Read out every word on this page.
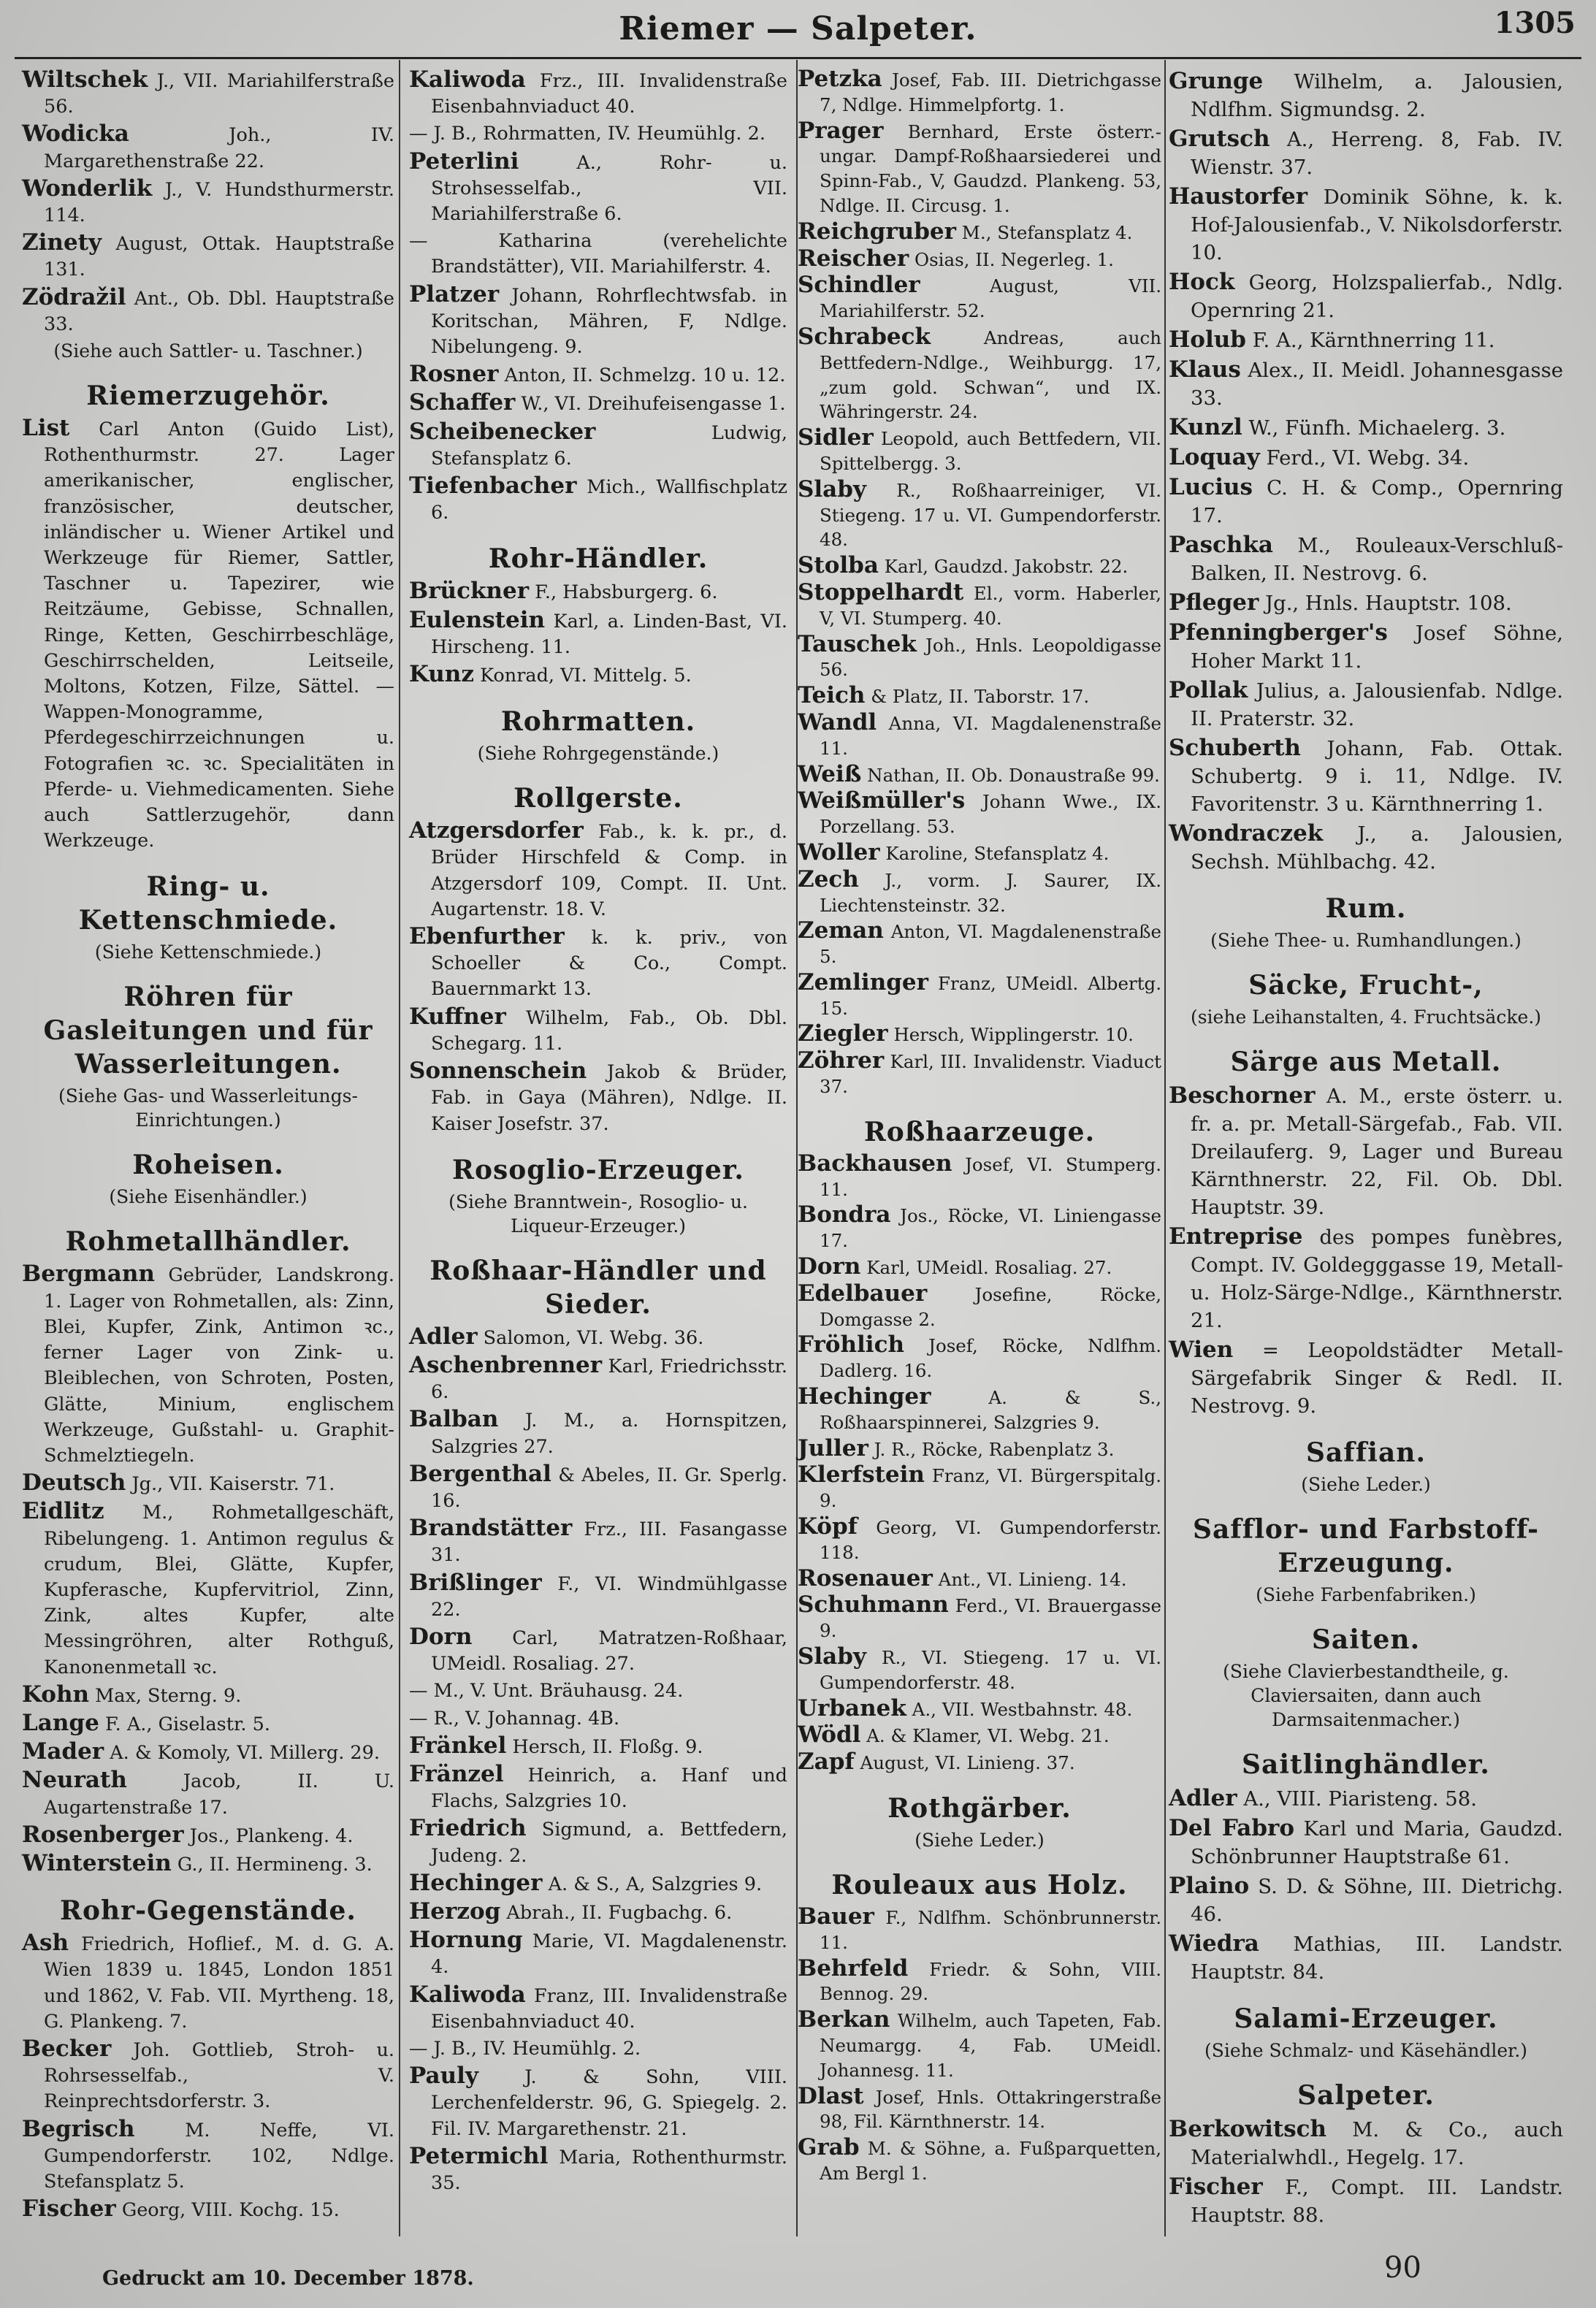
Riemer — Salpeter.	1305
Wiltschek J., VII. Mariahilferstraße 56.
Wodicka	Joh., IV. Margarethenstraße 22.
Wonderlik J., V. Hundsthurmerstr. 114.
Zinety August, Ottak. Hauptstraße 131.
Zödražil Ant., Ob. Dbl. Hauptstraße 33.
(Siehe auch Sattler- u. Taschner.)
Riemerzugehör.
List Carl Anton (Guido List), Rothenthurmstr. 27. Lager amerikanischer, englischer, französischer, deutscher, inländischer u. Wiener Artikel und Werkzeuge für Riemer, Sattler, Taschner u. Tapezirer, wie Reitzäume, Gebisse, Schnallen, Ringe, Ketten, Geschirrbeschläge, Geschirrschelden, Leitseile, Moltons, Kotzen, Filze, Sättel. — Wappen-Monogramme, Pferdegeschirrzeichnungen u. Fotografien ꝛc. ꝛc. Specialitäten in Pferde- u. Viehmedicamenten. Siehe auch Sattlerzugehör, dann Werkzeuge.
Ring- u. Kettenschmiede.
(Siehe Kettenschmiede.)
Röhren für Gasleitungen und für Wasserleitungen.
(Siehe Gas- und Wasserleitungs-Einrichtungen.)
Roheisen.
(Siehe Eisenhändler.)
Rohmetallhändler.
Bergmann Gebrüder, Landskrong. 1. Lager von Rohmetallen, als: Zinn, Blei, Kupfer, Zink, Antimon ꝛc., ferner Lager von Zink- u. Bleiblechen, von Schroten, Posten, Glätte, Minium, englischem Werkzeuge, Gußstahl- u. Graphit-Schmelztiegeln.
Deutsch Jg., VII. Kaiserstr. 71.
Eidlitz M., Rohmetallgeschäft, Ribelungeng. 1. Antimon regulus & crudum, Blei, Glätte, Kupfer, Kupferasche, Kupfervitriol, Zinn, Zink, altes Kupfer, alte Messingröhren, alter Rothguß, Kanonenmetall ꝛc.
Kohn Max, Sterng. 9.
Lange F. A., Giselastr. 5.
Mader A. & Komoly, VI. Millerg. 29.
Neurath	Jacob, II. U. Augartenstraße 17.
Rosenberger Jos., Plankeng. 4.
Winterstein G., II. Hermineng. 3.
Rohr-Gegenstände.
Ash Friedrich, Hoflief., M. d. G. A. Wien 1839 u. 1845, London 1851 und 1862, V. Fab. VII. Myrtheng. 18, G. Plankeng. 7.
Becker Joh. Gottlieb, Stroh- u. Rohrsesselfab., V. Reinprechtsdorferstr. 3.
Begrisch	M. Neffe, VI. Gumpendorferstr. 102, Ndlge. Stefansplatz 5.
Fischer Georg, VIII. Kochg. 15.
Kaliwoda Frz., III. Invalidenstraße Eisenbahnviaduct 40.
— J. B., Rohrmatten, IV. Heumühlg. 2.
Peterlini	A., Rohr- u. Strohsesselfab., VII. Mariahilferstraße 6.
— Katharina (verehelichte Brandstätter), VII. Mariahilferstr. 4.
Platzer Johann, Rohrflechtwsfab. in Koritschan, Mähren, F, Ndlge. Nibelungeng. 9.
Rosner Anton, II. Schmelzg. 10 u. 12.
Schaffer W., VI. Dreihufeisengasse 1.
Scheibenecker	Ludwig, Stefansplatz 6.
Tiefenbacher Mich., Wallfischplatz 6.
Rohr-Händler.
Brückner F., Habsburgerg. 6.
Eulenstein Karl, a. Linden-Bast, VI. Hirscheng. 11.
Kunz Konrad, VI. Mittelg. 5.
Rohrmatten.
(Siehe Rohrgegenstände.)
Rollgerste.
Atzgersdorfer Fab., k. k. pr., d. Brüder Hirschfeld & Comp. in Atzgersdorf 109, Compt. II. Unt. Augartenstr. 18. V.
Ebenfurther k. k. priv., von Schoeller & Co., Compt. Bauernmarkt 13.
Kuffner Wilhelm, Fab., Ob. Dbl. Schegarg. 11.
Sonnenschein Jakob & Brüder, Fab. in Gaya (Mähren), Ndlge. II. Kaiser Josefstr. 37.
Rosoglio-Erzeuger.
(Siehe Branntwein-, Rosoglio- u. Liqueur-Erzeuger.)
Roßhaar-Händler und Sieder.
Adler Salomon, VI. Webg. 36.
Aschenbrenner Karl, Friedrichsstr. 6.
Balban J. M., a. Hornspitzen, Salzgries 27.
Bergenthal & Abeles, II. Gr. Sperlg. 16.
Brandstätter Frz., III. Fasangasse 31.
Brißlinger F., VI. Windmühlgasse 22.
Dorn Carl, Matratzen-Roßhaar, UMeidl. Rosaliag. 27.
— M., V. Unt. Bräuhausg. 24.
— R., V. Johannag. 4B.
Fränkel Hersch, II. Floßg. 9.
Fränzel Heinrich, a. Hanf und Flachs, Salzgries 10.
Friedrich Sigmund, a. Bettfedern, Judeng. 2.
Hechinger A. & S., A, Salzgries 9.
Herzog Abrah., II. Fugbachg. 6.
Hornung Marie, VI. Magdalenenstr. 4.
Kaliwoda Franz, III. Invalidenstraße Eisenbahnviaduct 40.
— J. B., IV. Heumühlg. 2.
Pauly J. & Sohn, VIII. Lerchenfelderstr. 96, G. Spiegelg. 2. Fil. IV. Margarethenstr. 21.
Petermichl Maria, Rothenthurmstr. 35.
Petzka Josef, Fab. III. Dietrichgasse 7, Ndlge. Himmelpfortg. 1.
Prager Bernhard, Erste österr.-ungar. Dampf-Roßhaarsiederei und Spinn-Fab., V, Gaudzd. Plankeng. 53, Ndlge. II. Circusg. 1.
Reichgruber M., Stefansplatz 4.
Reischer Osias, II. Negerleg. 1.
Schindler	August, VII. Mariahilferstr. 52.
Schrabeck	Andreas, auch Bettfedern-Ndlge., Weihburgg. 17, „zum gold. Schwan“, und IX. Währingerstr. 24.
Sidler Leopold, auch Bettfedern, VII. Spittelbergg. 3.
Slaby R., Roßhaarreiniger, VI. Stiegeng. 17 u. VI. Gumpendorferstr. 48.
Stolba Karl, Gaudzd. Jakobstr. 22.
Stoppelhardt El., vorm. Haberler, V, VI. Stumperg. 40.
Tauschek Joh., Hnls. Leopoldigasse 56.
Teich & Platz, II. Taborstr. 17.
Wandl Anna, VI. Magdalenenstraße 11.
Weiß Nathan, II. Ob. Donaustraße 99.
Weißmüller's Johann Wwe., IX. Porzellang. 53.
Woller Karoline, Stefansplatz 4.
Zech J., vorm. J. Saurer, IX. Liechtensteinstr. 32.
Zeman Anton, VI. Magdalenenstraße 5.
Zemlinger Franz, UMeidl. Albertg. 15.
Ziegler Hersch, Wipplingerstr. 10.
Zöhrer Karl, III. Invalidenstr. Viaduct 37.
Roßhaarzeuge.
Backhausen Josef, VI. Stumperg. 11.
Bondra Jos., Röcke, VI. Liniengasse 17.
Dorn Karl, UMeidl. Rosaliag. 27.
Edelbauer	Josefine, Röcke, Domgasse 2.
Fröhlich Josef, Röcke, Ndlfhm. Dadlerg. 16.
Hechinger	A. & S., Roßhaarspinnerei, Salzgries 9.
Juller J. R., Röcke, Rabenplatz 3.
Klerfstein Franz, VI. Bürgerspitalg. 9.
Köpf Georg, VI. Gumpendorferstr. 118.
Rosenauer Ant., VI. Linieng. 14.
Schuhmann Ferd., VI. Brauergasse 9.
Slaby R., VI. Stiegeng. 17 u. VI. Gumpendorferstr. 48.
Urbanek A., VII. Westbahnstr. 48.
Wödl A. & Klamer, VI. Webg. 21.
Zapf August, VI. Linieng. 37.
Rothgärber.
(Siehe Leder.)
Rouleaux aus Holz.
Bauer F., Ndlfhm. Schönbrunnerstr. 11.
Behrfeld Friedr. & Sohn, VIII. Bennog. 29.
Berkan Wilhelm, auch Tapeten, Fab. Neumargg. 4, Fab. UMeidl. Johannesg. 11.
Dlast Josef, Hnls. Ottakringerstraße 98, Fil. Kärnthnerstr. 14.
Grab M. & Söhne, a. Fußparquetten, Am Bergl 1.
Grunge Wilhelm, a. Jalousien, Ndlfhm. Sigmundsg. 2.
Grutsch A., Herreng. 8, Fab. IV. Wienstr. 37.
Haustorfer Dominik Söhne, k. k. Hof-Jalousienfab., V. Nikolsdorferstr. 10.
Hock Georg, Holzspalierfab., Ndlg. Opernring 21.
Holub F. A., Kärnthnerring 11.
Klaus Alex., II. Meidl. Johannesgasse 33.
Kunzl W., Fünfh. Michaelerg. 3.
Loquay Ferd., VI. Webg. 34.
Lucius C. H. & Comp., Opernring 17.
Paschka M., Rouleaux-Verschluß-Balken, II. Nestrovg. 6.
Pfleger Jg., Hnls. Hauptstr. 108.
Pfenningberger's Josef Söhne, Hoher Markt 11.
Pollak Julius, a. Jalousienfab. Ndlge. II. Praterstr. 32.
Schuberth Johann, Fab. Ottak. Schubertg. 9 i. 11, Ndlge. IV. Favoritenstr. 3 u. Kärnthnerring 1.
Wondraczek J., a. Jalousien, Sechsh. Mühlbachg. 42.
Rum.
(Siehe Thee- u. Rumhandlungen.)
Säcke, Frucht-,
(siehe Leihanstalten, 4. Fruchtsäcke.)
Särge aus Metall.
Beschorner A. M., erste österr. u. fr. a. pr. Metall-Särgefab., Fab. VII. Dreilauferg. 9, Lager und Bureau Kärnthnerstr. 22, Fil. Ob. Dbl. Hauptstr. 39.
Entreprise des pompes funèbres, Compt. IV. Goldegggasse 19, Metall- u. Holz-Särge-Ndlge., Kärnthnerstr. 21.
Wien = Leopoldstädter Metall-Särgefabrik Singer & Redl. II. Nestrovg. 9.
Saffian.
(Siehe Leder.)
Safflor- und Farbstoff-Erzeugung.
(Siehe Farbenfabriken.)
Saiten.
(Siehe Clavierbestandtheile, g. Claviersaiten, dann auch Darmsaitenmacher.)
Saitlinghändler.
Adler A., VIII. Piaristeng. 58.
Del Fabro Karl und Maria, Gaudzd. Schönbrunner Hauptstraße 61.
Plaino S. D. & Söhne, III. Dietrichg. 46.
Wiedra Mathias, III. Landstr. Hauptstr. 84.
Salami-Erzeuger.
(Siehe Schmalz- und Käsehändler.)
Salpeter.
Berkowitsch M. & Co., auch Materialwhdl., Hegelg. 17.
Fischer F., Compt. III. Landstr. Hauptstr. 88.
Gedruckt am 10. December 1878.	90
